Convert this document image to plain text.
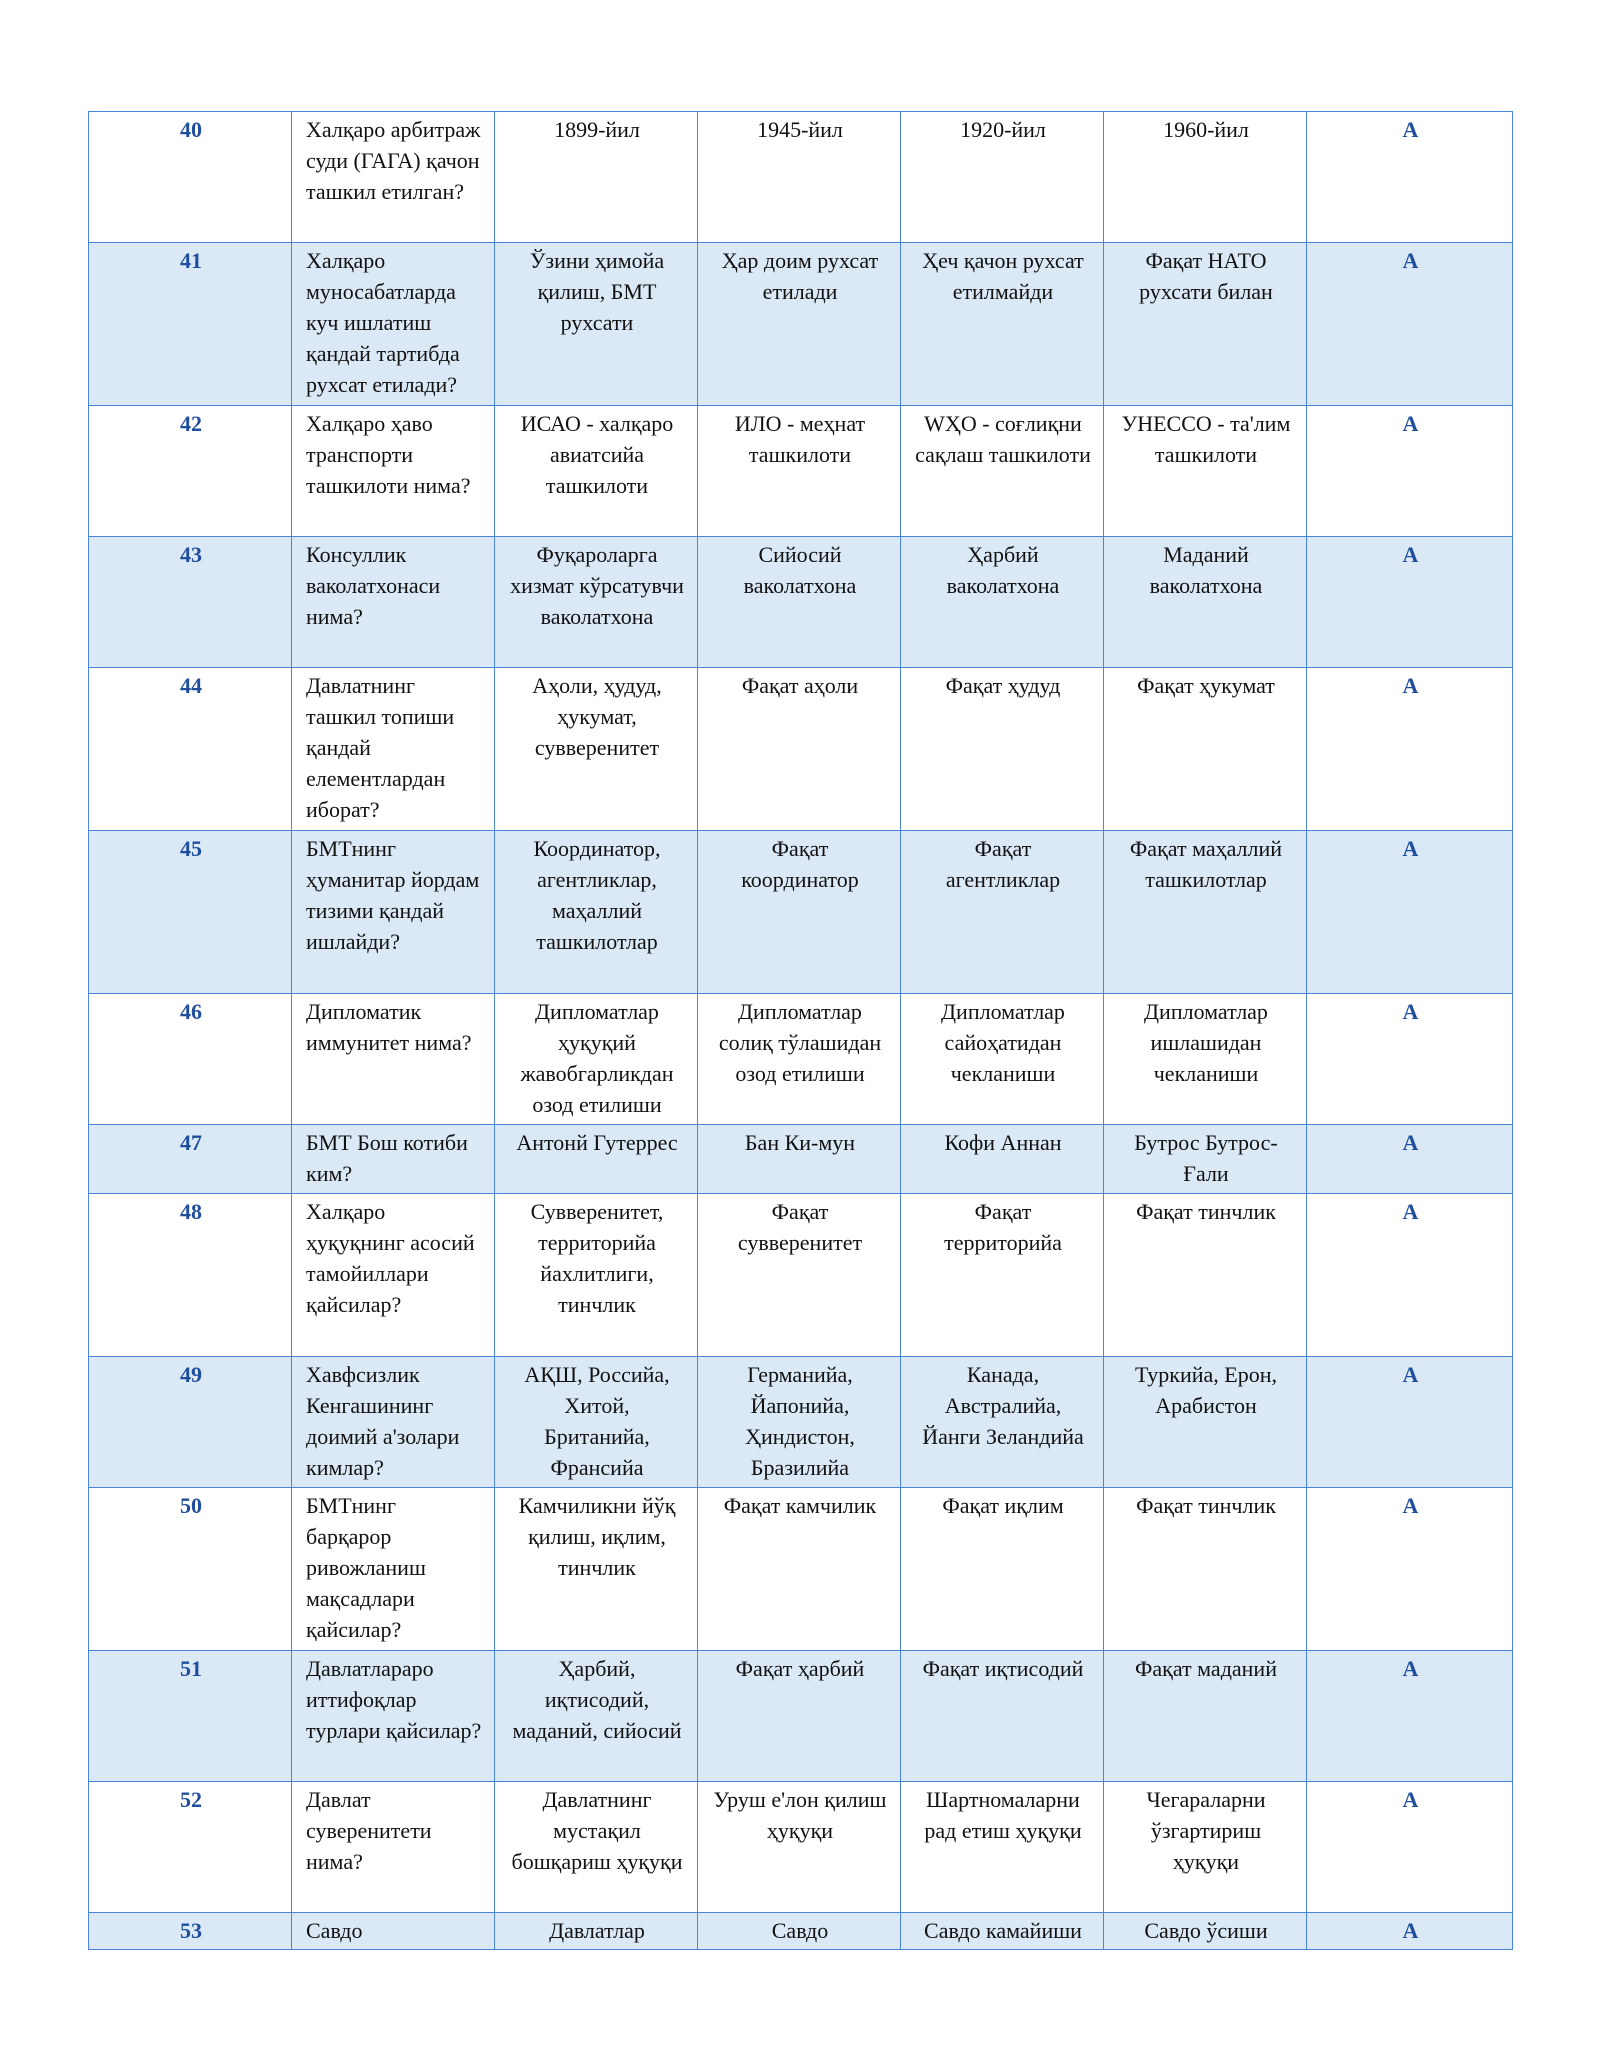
40	Халқаро арбитраж суди (ГАГА) қачон ташкил етилган?	1899-йил	1945-йил	1920-йил	1960-йил	A
41	Халқаро муносабатларда куч ишлатиш қандай тартибда рухсат етилади?	Ўзини ҳимойа қилиш, БМТ рухсати	Ҳар доим рухсат етилади	Ҳеч қачон рухсат етилмайди	Фақат НАТО рухсати билан	A
42	Халқаро ҳаво транспорти ташкилоти нима?	ИСАО - халқаро авиатсийа ташкилоти	ИЛО - меҳнат ташкилоти	WҲО - соғлиқни сақлаш ташкилоти	УНЕССО - та'лим ташкилоти	A
43	Консуллик ваколатхонаси нима?	Фуқароларга хизмат кўрсатувчи ваколатхона	Сийосий ваколатхона	Ҳарбий ваколатхона	Маданий ваколатхона	A
44	Давлатнинг ташкил топиши қандай елементлардан иборат?	Аҳоли, ҳудуд, ҳукумат, сувверенитет	Фақат аҳоли	Фақат ҳудуд	Фақат ҳукумат	A
45	БМТнинг ҳуманитар йордам тизими қандай ишлайди?	Координатор, агентликлар, маҳаллий ташкилотлар	Фақат координатор	Фақат агентликлар	Фақат маҳаллий ташкилотлар	A
46	Дипломатик иммунитет нима?	Дипломатлар ҳуқуқий жавобгарликдан озод етилиши	Дипломатлар солиқ тўлашидан озод етилиши	Дипломатлар сайоҳатидан чекланиши	Дипломатлар ишлашидан чекланиши	A
47	БМТ Бош котиби ким?	Антонй Гутеррес	Бан Ки-мун	Кофи Аннан	Бутрос Бутрос-Ғали	A
48	Халқаро ҳуқуқнинг асосий тамойиллари қайсилар?	Сувверенитет, территорийа йахлитлиги, тинчлик	Фақат сувверенитет	Фақат территорийа	Фақат тинчлик	A
49	Хавфсизлик Кенгашининг доимий а'золари кимлар?	АҚШ, Российа, Хитой, Британийа, Франсийа	Германийа, Йапонийа, Ҳиндистон, Бразилийа	Канада, Австралийа, Йанги Зеландийа	Туркийа, Ерон, Арабистон	A
50	БМТнинг барқарор ривожланиш мақсадлари қайсилар?	Камчиликни йўқ қилиш, иқлим, тинчлик	Фақат камчилик	Фақат иқлим	Фақат тинчлик	A
51	Давлатлараро иттифоқлар турлари қайсилар?	Ҳарбий, иқтисодий, маданий, сийосий	Фақат ҳарбий	Фақат иқтисодий	Фақат маданий	A
52	Давлат суверенитети нима?	Давлатнинг мустақил бошқариш ҳуқуқи	Уруш е'лон қилиш ҳуқуқи	Шартномаларни рад етиш ҳуқуқи	Чегараларни ўзгартириш ҳуқуқи	A
53	Савдо	Давлатлар	Савдо	Савдо камайиши	Савдо ўсиши	A
